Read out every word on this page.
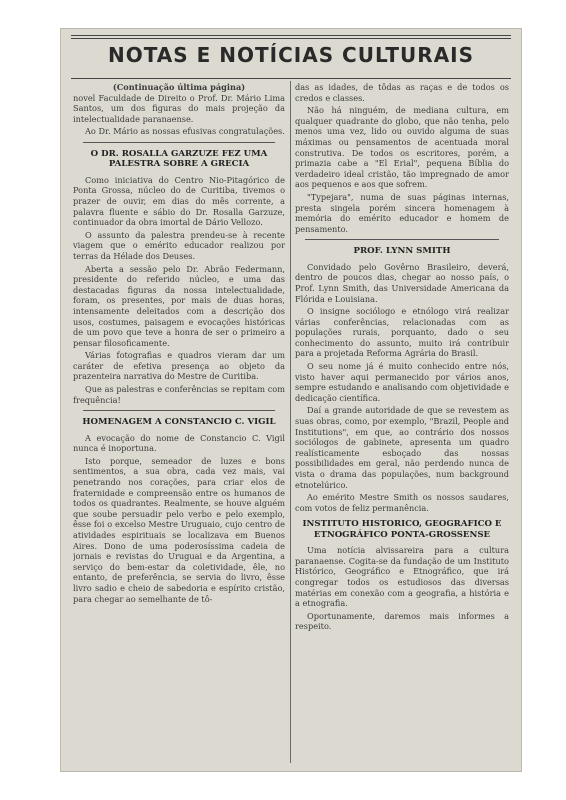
NOTAS E NOTÍCIAS CULTURAIS

(Continuação última página)

novel Faculdade de Direito o Prof. Dr. Mário Lima Santos, um dos figuras do mais projeção da intelectualidade paranaense.

Ao Dr. Mário as nossas efusivas congratulações.

O DR. ROSALLA GARZUZE FEZ UMA PALESTRA SOBRE A GRECIA

Como iniciativa do Centro Nio-Pitagórico de Ponta Grossa, núcleo do de Curitiba, tivemos o prazer de ouvir, em dias do mês corrente, a palavra fluente e sábio do Dr. Rosalla Garzuze, continuador da obra imortal de Dário Vellozo.

O assunto da palestra prendeu-se à recente viagem que o emérito educador realizou por terras da Hélade dos Deuses.

Aberta a sessão pelo Dr. Abrão Federmann, presidente do referido núcleo, e uma das destacadas figuras da nossa intelectualidade, foram, os presentes, por mais de duas horas, intensamente deleitados com a descrição dos usos, costumes, paisagem e evocações históricas de um povo que teve a honra de ser o primeiro a pensar filosoficamente.

Várias fotografias e quadros vieram dar um caráter de efetiva presença ao objeto da prazenteira narrativa do Mestre de Curitiba.

Que as palestras e conferências se repitam com frequência!

HOMENAGEM A CONSTANCIO C. VIGIL

A evocação do nome de Constancio C. Vigil nunca é inoportuna.

Isto porque, semeador de luzes e bons sentimentos, a sua obra, cada vez mais, vai penetrando nos corações, para criar elos de fraternidade e compreensão entre os humanos de todos os quadrantes. Realmente, se houve alguém que soube persuadir pelo verbo e pelo exemplo, êsse foi o excelso Mestre Uruguaio, cujo centro de atividades espirituais se localizava em Buenos Aires. Dono de uma poderosíssima cadeia de jornais e revistas do Uruguai e da Argentina, a serviço do bem-estar da coletividade, êle, no entanto, de preferência, se servia do livro, êsse livro sadio e cheio de sabedoria e espírito cristão, para chegar ao semelhante de tô-

das as idades, de tôdas as raças e de todos os credos e classes.

Não há ninguém, de mediana cultura, em qualquer quadrante do globo, que não tenha, pelo menos uma vez, lido ou ouvido alguma de suas máximas ou pensamentos de acentuada moral construtiva. De todos os escritores, porém, a primazia cabe a "El Erial", pequena Bíblia do verdadeiro ideal cristão, tão impregnado de amor aos pequenos e aos que sofrem.

"Typejara", numa de suas páginas internas, presta singela porém sincera homenagem à memória do emérito educador e homem de pensamento.

PROF. LYNN SMITH

Convidado pelo Govêrno Brasileiro, deverá, dentro de poucos dias, chegar ao nosso país, o Prof. Lynn Smith, das Universidade Americana da Flórida e Louisiana.

O insigne sociólogo e etnólogo virá realizar várias conferências, relacionadas com as populações rurais, porquanto, dado o seu conhecimento do assunto, muito irá contribuir para a projetada Reforma Agrária do Brasil.

O seu nome já é muito conhecido entre nós, visto haver aqui permanecido por vários anos, sempre estudando e analisando com objetividade e dedicação científica.

Daí a grande autoridade de que se revestem as suas obras, como, por exemplo, "Brazil, People and Institutions", em que, ao contrário dos nossos sociólogos de gabinete, apresenta um quadro realísticamente esboçado das nossas possibilidades em geral, não perdendo nunca de vista o drama das populações, num background etnotelúrico.

Ao emérito Mestre Smith os nossos saudares, com votos de feliz permanência.

INSTITUTO HISTORICO, GEOGRAFICO E ETNOGRÁFICO PONTA-GROSSENSE

Uma notícia alvissareira para a cultura paranaense. Cogita-se da fundação de um Instituto Histórico, Geográfico e Etnográfico, que irá congregar todos os estudiosos das diversas matérias em conexão com a geografia, a história e a etnografia.

Oportunamente, daremos mais informes a respeito.
